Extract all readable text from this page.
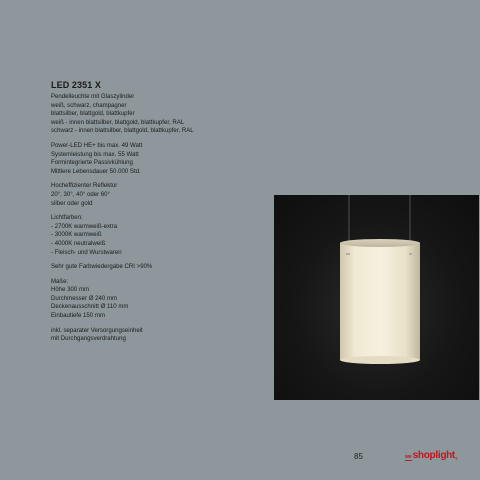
LED 2351 X
Pendelleuchte mit Glaszylinder
weiß, schwarz, champagner
blattsilber, blattgold, blattkupfer
weiß - innen blattsilber, blattgold, blattkupfer, RAL
schwarz - innen blattsilber, blattgold, blattkupfer, RAL
Power-LED HE+ bis max. 49 Watt
Systemleistung bis max. 55 Watt
Formintegrierte Passivkühlung
Mittlere Lebensdauer 50.000 Std.
Hocheffizienter Reflektor
20°, 30°, 40° oder 60°
silber oder gold
Lichtfarben:
- 2700K warmweiß-extra
- 3000K warmweiß
- 4000K neutralweiß
- Fleisch- und Wurstwaren
Sehr gute Farbwiedergabe CRI >90%
Maße:
Höhe 300 mm
Durchmesser Ø 240 mm
Deckenausschnitt Ø 110 mm
Einbautiefe 150 mm
inkl. separater Versorgungseinheit
mit Durchgangsverdrahtung
85	we shoplight ®
